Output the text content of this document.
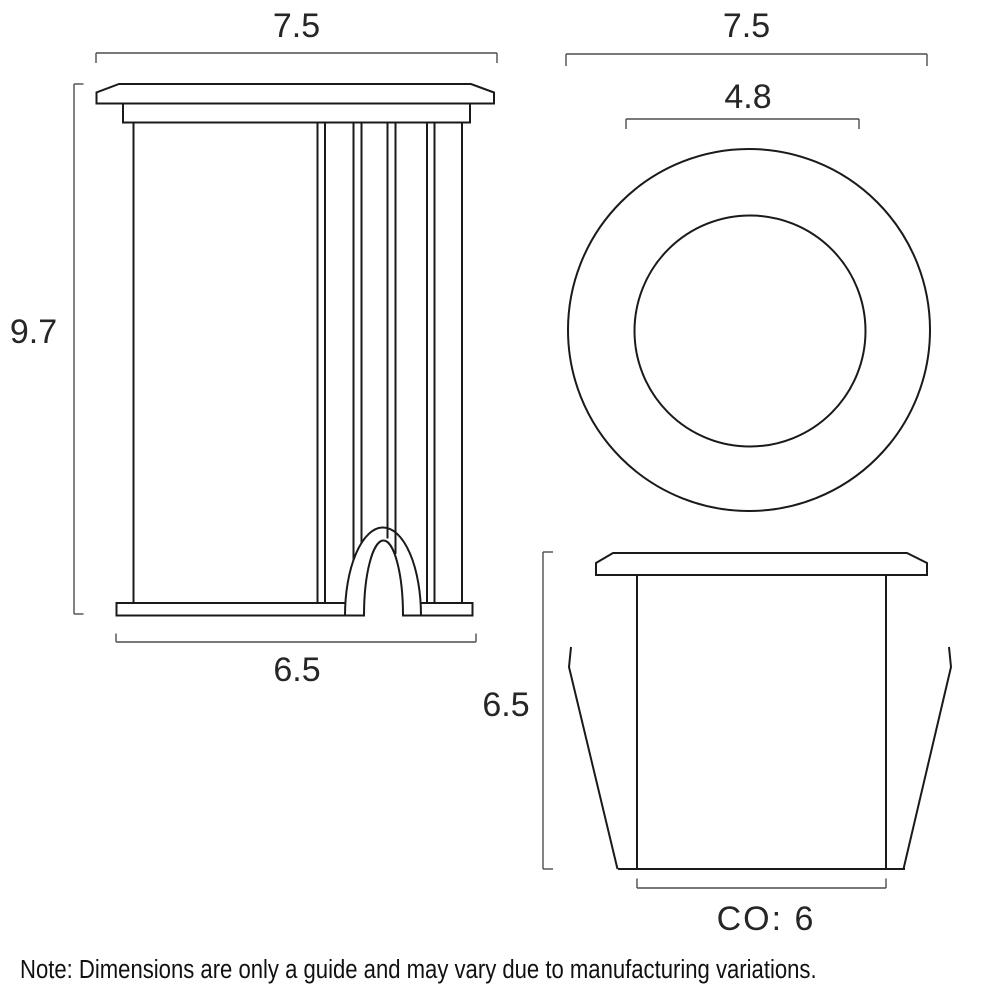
7.5
9.7
6.5
7.5
4.8
6.5
CO: 6
Note: Dimensions are only a guide and may vary due to manufacturing variations.
